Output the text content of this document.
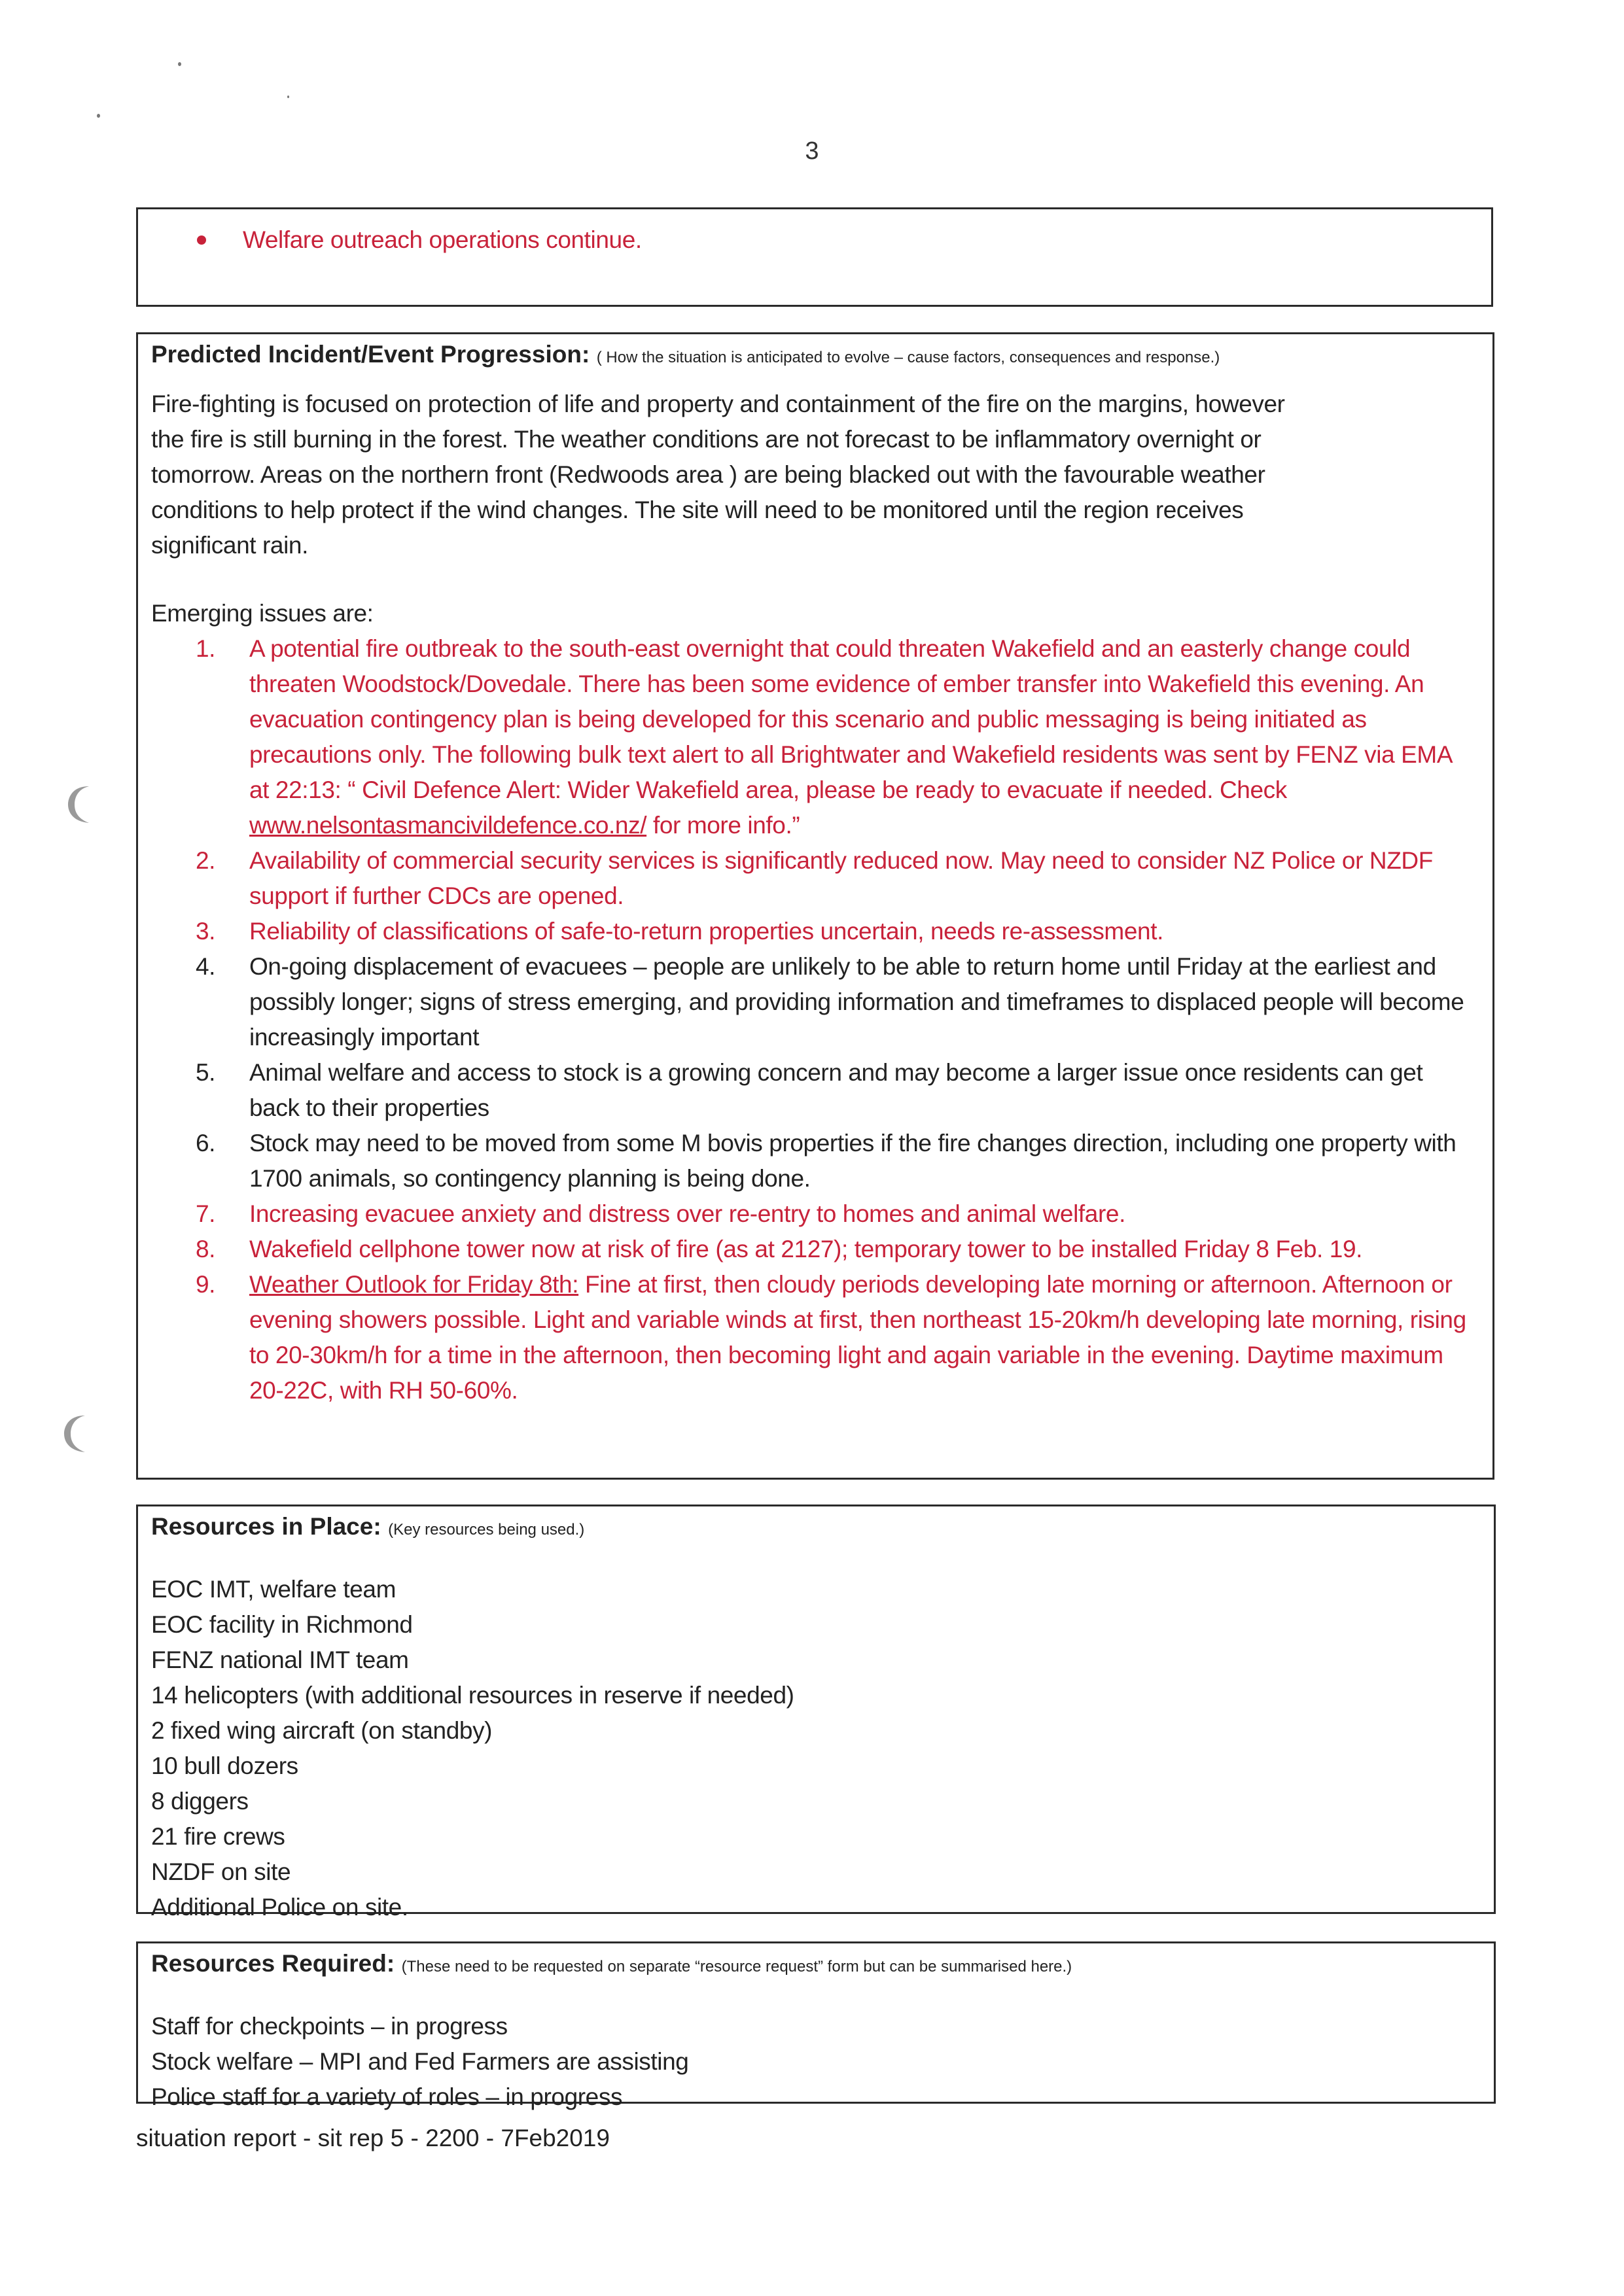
3
Welfare outreach operations continue.
Predicted Incident/Event Progression: ( How the situation is anticipated to evolve – cause factors, consequences and response.)
Fire-fighting is focused on protection of life and property and containment of the fire on the margins, however
the fire is still burning in the forest. The weather conditions are not forecast to be inflammatory overnight or
tomorrow. Areas on the northern front (Redwoods area ) are being blacked out with the favourable weather
conditions to help protect if the wind changes. The site will need to be monitored until the region receives
significant rain.
Emerging issues are:
1.	A potential fire outbreak to the south-east overnight that could threaten Wakefield and an easterly change could threaten Woodstock/Dovedale. There has been some evidence of ember transfer into Wakefield this evening. An evacuation contingency plan is being developed for this scenario and public messaging is being initiated as precautions only. The following bulk text alert to all Brightwater and Wakefield residents was sent by FENZ via EMA at 22:13: “ Civil Defence Alert: Wider Wakefield area, please be ready to evacuate if needed. Check www.nelsontasmancivildefence.co.nz/ for more info.”
2.	Availability of commercial security services is significantly reduced now. May need to consider NZ Police or NZDF support if further CDCs are opened.
3.	Reliability of classifications of safe-to-return properties uncertain, needs re-assessment.
4.	On-going displacement of evacuees – people are unlikely to be able to return home until Friday at the earliest and possibly longer; signs of stress emerging, and providing information and timeframes to displaced people will become increasingly important
5.	Animal welfare and access to stock is a growing concern and may become a larger issue once residents can get back to their properties
6.	Stock may need to be moved from some M bovis properties if the fire changes direction, including one property with 1700 animals, so contingency planning is being done.
7.	Increasing evacuee anxiety and distress over re-entry to homes and animal welfare.
8.	Wakefield cellphone tower now at risk of fire (as at 2127); temporary tower to be installed Friday 8 Feb. 19.
9.	Weather Outlook for Friday 8th: Fine at first, then cloudy periods developing late morning or afternoon. Afternoon or evening showers possible. Light and variable winds at first, then northeast 15-20km/h developing late morning, rising to 20-30km/h for a time in the afternoon, then becoming light and again variable in the evening. Daytime maximum 20-22C, with RH 50-60%.
Resources in Place: (Key resources being used.)
EOC IMT, welfare team
EOC facility in Richmond
FENZ national IMT team
14 helicopters (with additional resources in reserve if needed)
2 fixed wing aircraft (on standby)
10 bull dozers
8 diggers
21 fire crews
NZDF on site
Additional Police on site.
Resources Required: (These need to be requested on separate “resource request” form but can be summarised here.)
Staff for checkpoints – in progress
Stock welfare – MPI and Fed Farmers are assisting
Police staff for a variety of roles – in progress
situation report - sit rep 5 - 2200 - 7Feb2019
